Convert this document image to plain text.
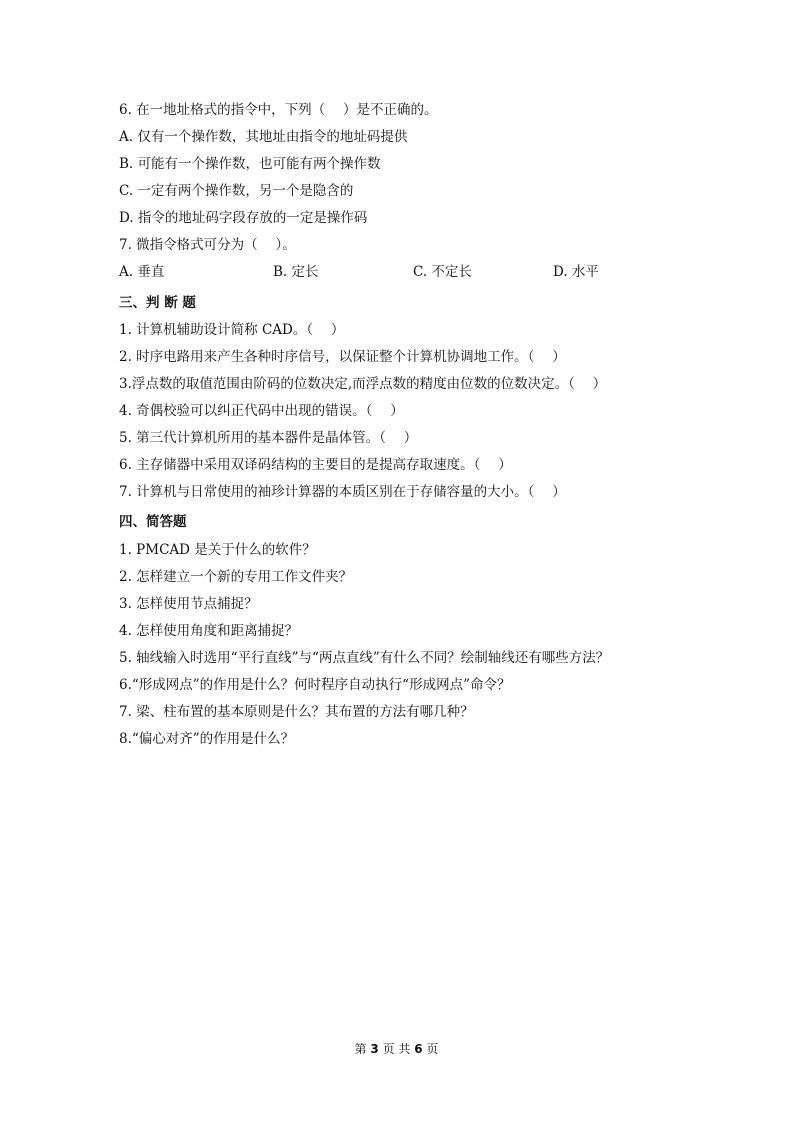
6. 在一地址格式的指令中，下列（　 ）是不正确的。
A. 仅有一个操作数，其地址由指令的地址码提供
B. 可能有一个操作数，也可能有两个操作数
C. 一定有两个操作数，另一个是隐含的
D. 指令的地址码字段存放的一定是操作码
7. 微指令格式可分为（　 ）。
A. 垂直	B. 定长	C. 不定长	D. 水平
三、判 断 题
1. 计算机辅助设计简称 CAD。（　 ）
2. 时序电路用来产生各种时序信号，以保证整个计算机协调地工作。（　 ）
3.浮点数的取值范围由阶码的位数决定,而浮点数的精度由位数的位数决定。（　 ）
4. 奇偶校验可以纠正代码中出现的错误。（　 ）
5. 第三代计算机所用的基本器件是晶体管。（　 ）
6. 主存储器中采用双译码结构的主要目的是提高存取速度。（　 ）
7. 计算机与日常使用的袖珍计算器的本质区别在于存储容量的大小。（　 ）
四、简答题
1. PMCAD 是关于什么的软件？
2. 怎样建立一个新的专用工作文件夹？
3. 怎样使用节点捕捉？
4. 怎样使用角度和距离捕捉？
5. 轴线输入时选用“平行直线”与“两点直线”有什么不同？绘制轴线还有哪些方法？
6.“形成网点”的作用是什么？何时程序自动执行“形成网点”命令？
7. 梁、柱布置的基本原则是什么？其布置的方法有哪几种？
8.“偏心对齐”的作用是什么？
第 3 页 共 6 页
